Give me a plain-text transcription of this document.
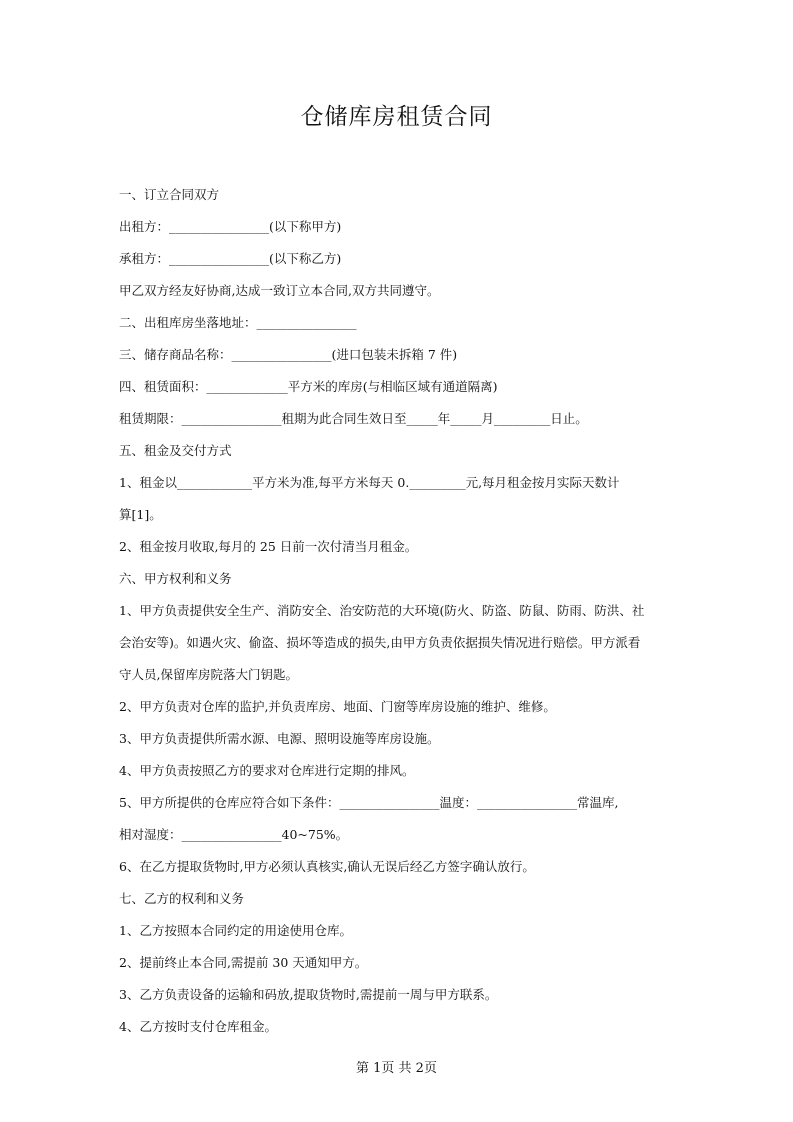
仓储库房租赁合同
一、订立合同双方
出租方：________________(以下称甲方)
承租方：________________(以下称乙方)
甲乙双方经友好协商,达成一致订立本合同,双方共同遵守。
二、出租库房坐落地址：________________
三、储存商品名称：________________(进口包装未拆箱 7 件)
四、租赁面积：_____________平方米的库房(与相临区域有通道隔离)
租赁期限：________________租期为此合同生效日至_____年_____月_________日止。
五、租金及交付方式
1、租金以____________平方米为准,每平方米每天 0._________元,每月租金按月实际天数计
算[1]。
2、租金按月收取,每月的 25 日前一次付清当月租金。
六、甲方权利和义务
1、甲方负责提供安全生产、消防安全、治安防范的大环境(防火、防盗、防鼠、防雨、防洪、社
会治安等)。如遇火灾、偷盗、损坏等造成的损失,由甲方负责依据损失情况进行赔偿。甲方派看
守人员,保留库房院落大门钥匙。
2、甲方负责对仓库的监护,并负责库房、地面、门窗等库房设施的维护、维修。
3、甲方负责提供所需水源、电源、照明设施等库房设施。
4、甲方负责按照乙方的要求对仓库进行定期的排风。
5、甲方所提供的仓库应符合如下条件：________________温度：________________常温库,
相对湿度：________________40~75%。
6、在乙方提取货物时,甲方必须认真核实,确认无误后经乙方签字确认放行。
七、乙方的权利和义务
1、乙方按照本合同约定的用途使用仓库。
2、提前终止本合同,需提前 30 天通知甲方。
3、乙方负责设备的运输和码放,提取货物时,需提前一周与甲方联系。
4、乙方按时支付仓库租金。
第 1页 共 2页
